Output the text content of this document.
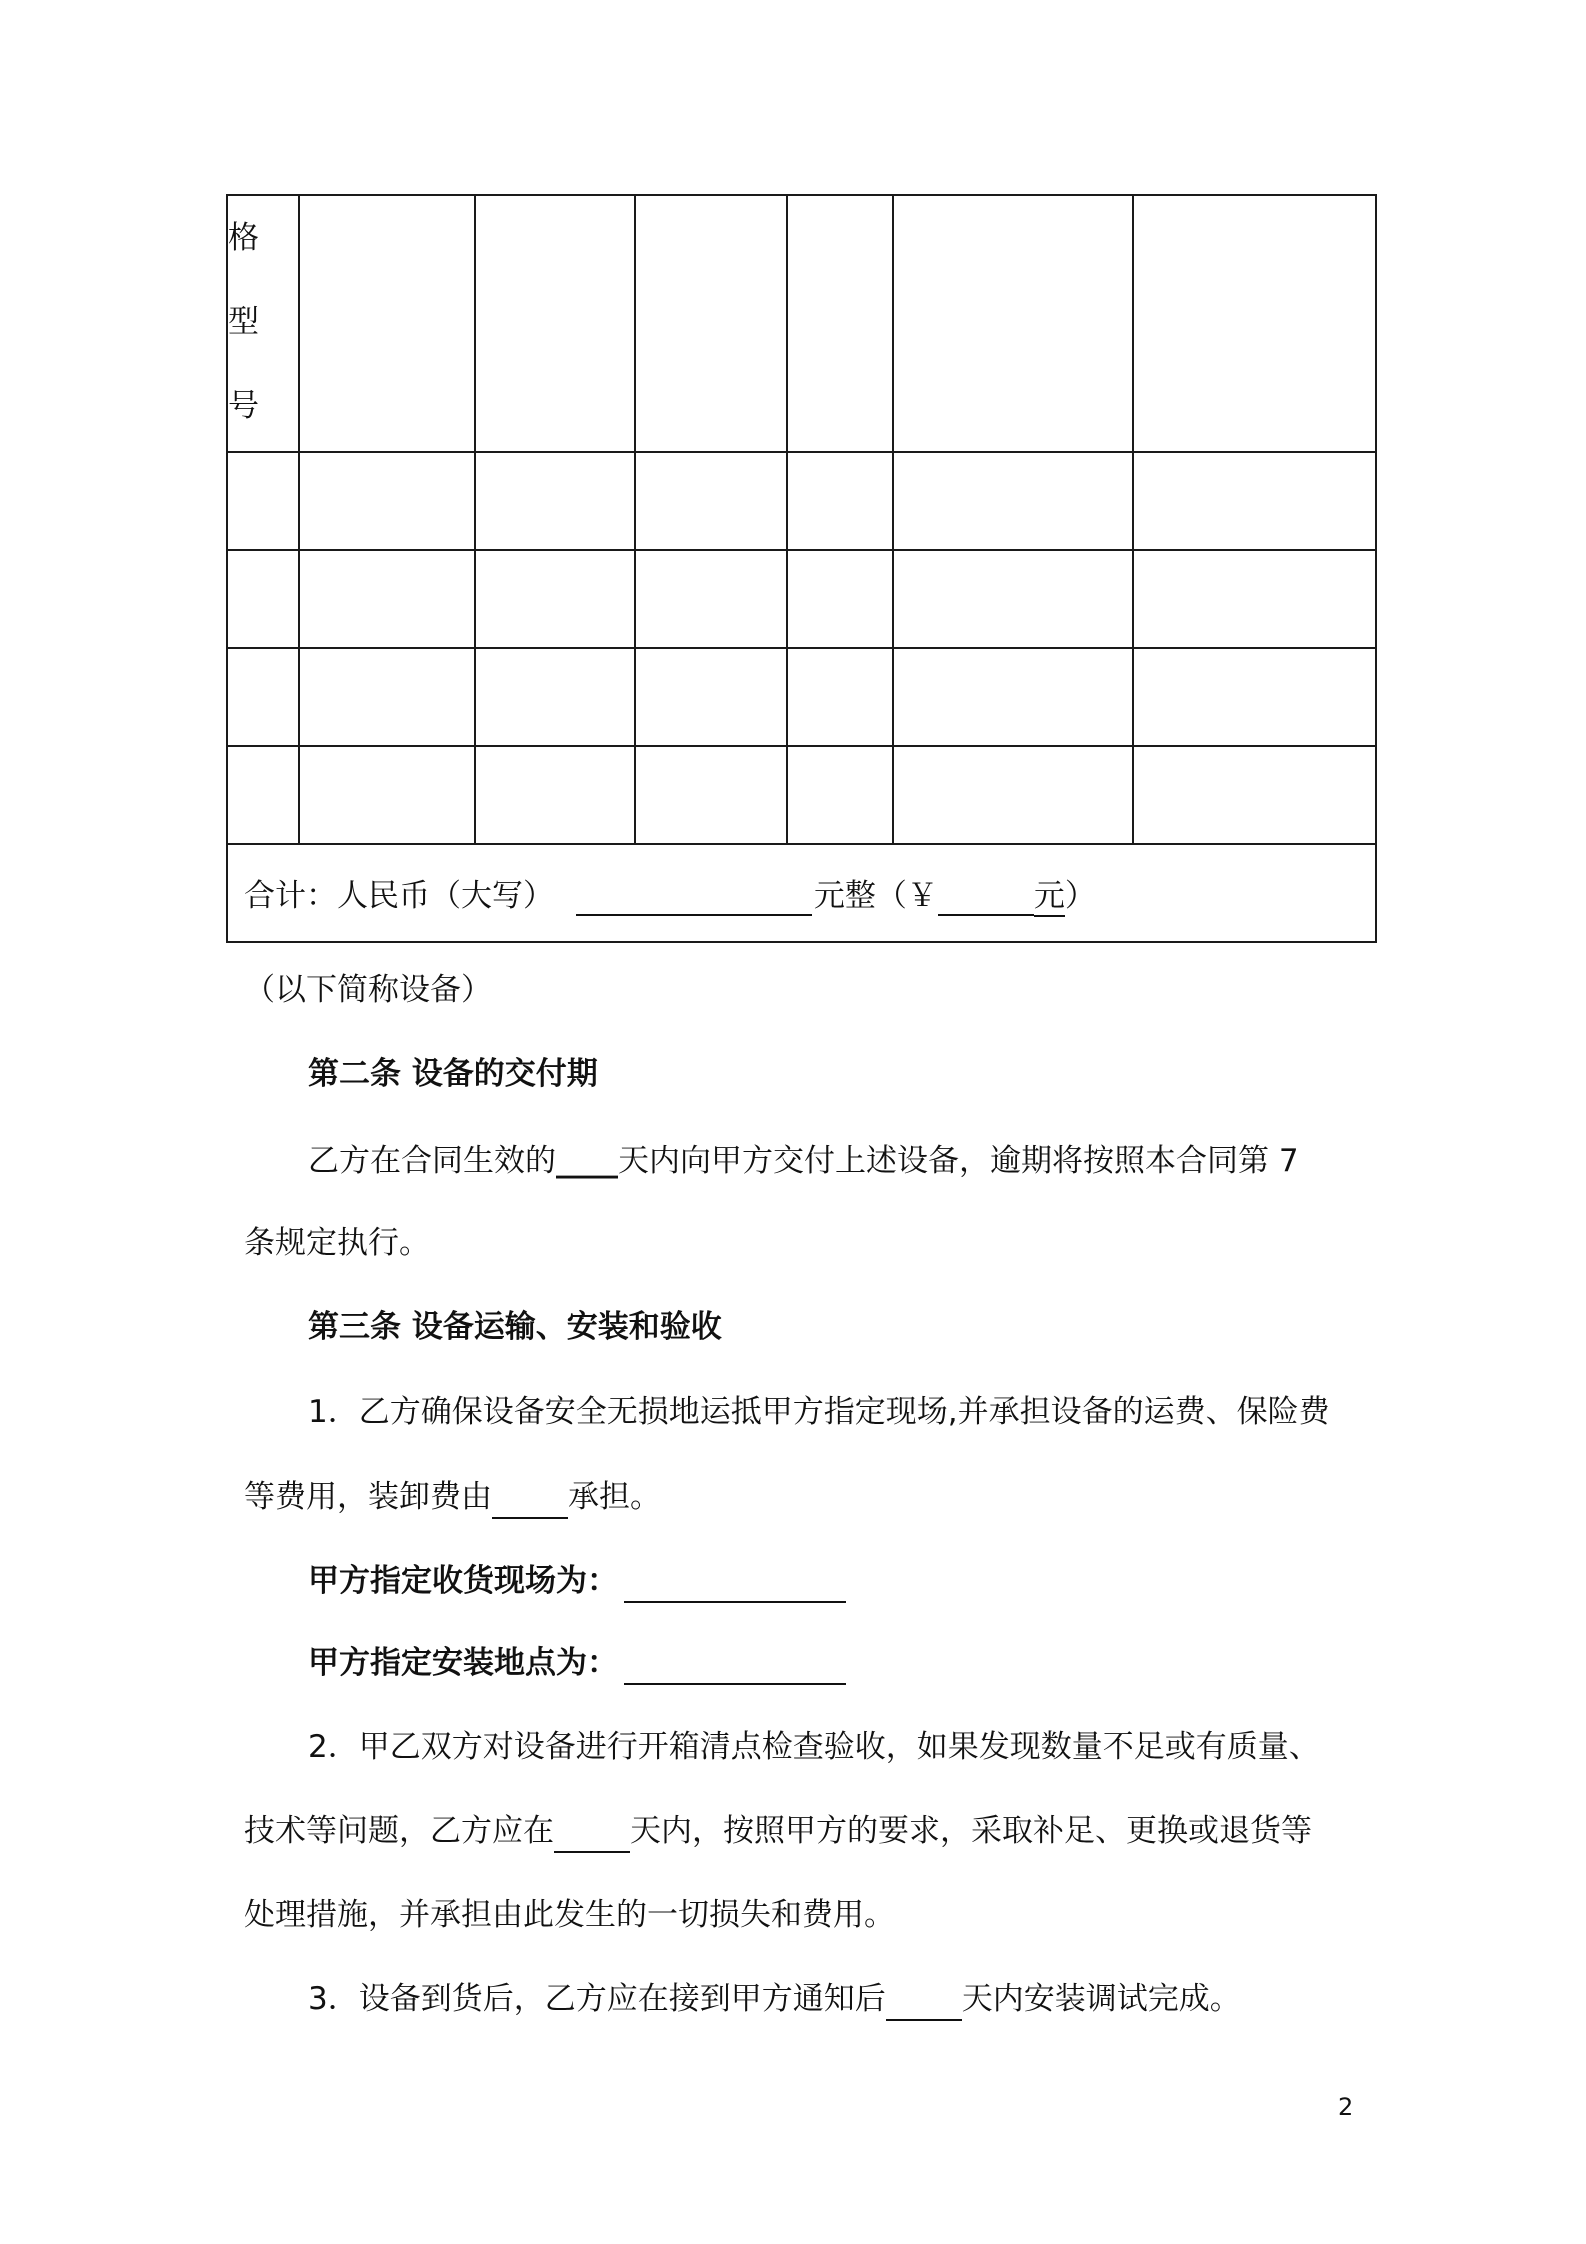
格
型
号						

合计：人民币（大写） 元整（￥ 元）						
（以下简称设备）
第二条 设备的交付期
乙方在合同生效的____天内向甲方交付上述设备，逾期将按照本合同第 7
条规定执行。
第三条 设备运输、安装和验收
1．乙方确保设备安全无损地运抵甲方指定现场,并承担设备的运费、保险费
等费用，装卸费由 承担。
甲方指定收货现场为：
甲方指定安装地点为：
2．甲乙双方对设备进行开箱清点检查验收，如果发现数量不足或有质量、
技术等问题，乙方应在 天内，按照甲方的要求，采取补足、更换或退货等
处理措施，并承担由此发生的一切损失和费用。
3．设备到货后，乙方应在接到甲方通知后 天内安装调试完成。
2
